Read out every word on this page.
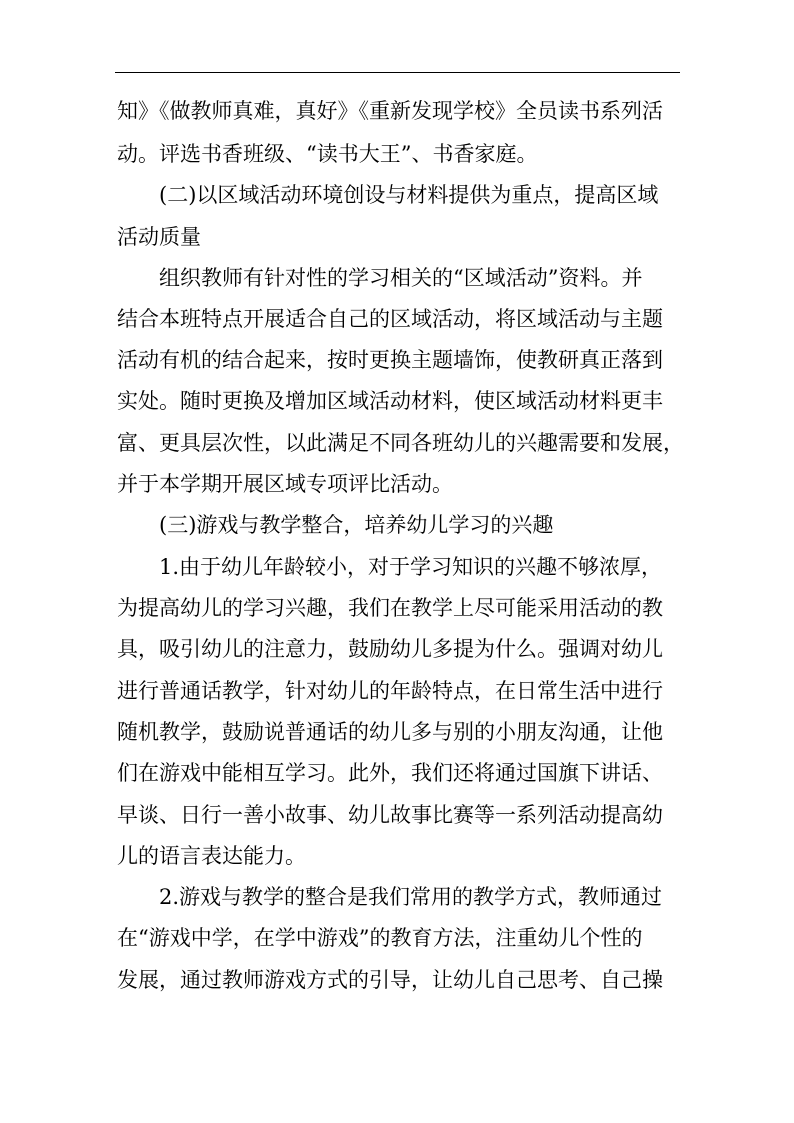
知》《做教师真难，真好》《重新发现学校》全员读书系列活
动。评选书香班级、“读书大王”、书香家庭。
(二)以区域活动环境创设与材料提供为重点，提高区域
活动质量
组织教师有针对性的学习相关的“区域活动”资料。并
结合本班特点开展适合自己的区域活动，将区域活动与主题
活动有机的结合起来，按时更换主题墙饰，使教研真正落到
实处。随时更换及增加区域活动材料，使区域活动材料更丰
富、更具层次性，以此满足不同各班幼儿的兴趣需要和发展，
并于本学期开展区域专项评比活动。
(三)游戏与教学整合，培养幼儿学习的兴趣
1.由于幼儿年龄较小，对于学习知识的兴趣不够浓厚，
为提高幼儿的学习兴趣，我们在教学上尽可能采用活动的教
具，吸引幼儿的注意力，鼓励幼儿多提为什么。强调对幼儿
进行普通话教学，针对幼儿的年龄特点，在日常生活中进行
随机教学，鼓励说普通话的幼儿多与别的小朋友沟通，让他
们在游戏中能相互学习。此外，我们还将通过国旗下讲话、
早谈、日行一善小故事、幼儿故事比赛等一系列活动提高幼
儿的语言表达能力。
2.游戏与教学的整合是我们常用的教学方式，教师通过
在“游戏中学，在学中游戏”的教育方法，注重幼儿个性的
发展，通过教师游戏方式的引导，让幼儿自己思考、自己操
